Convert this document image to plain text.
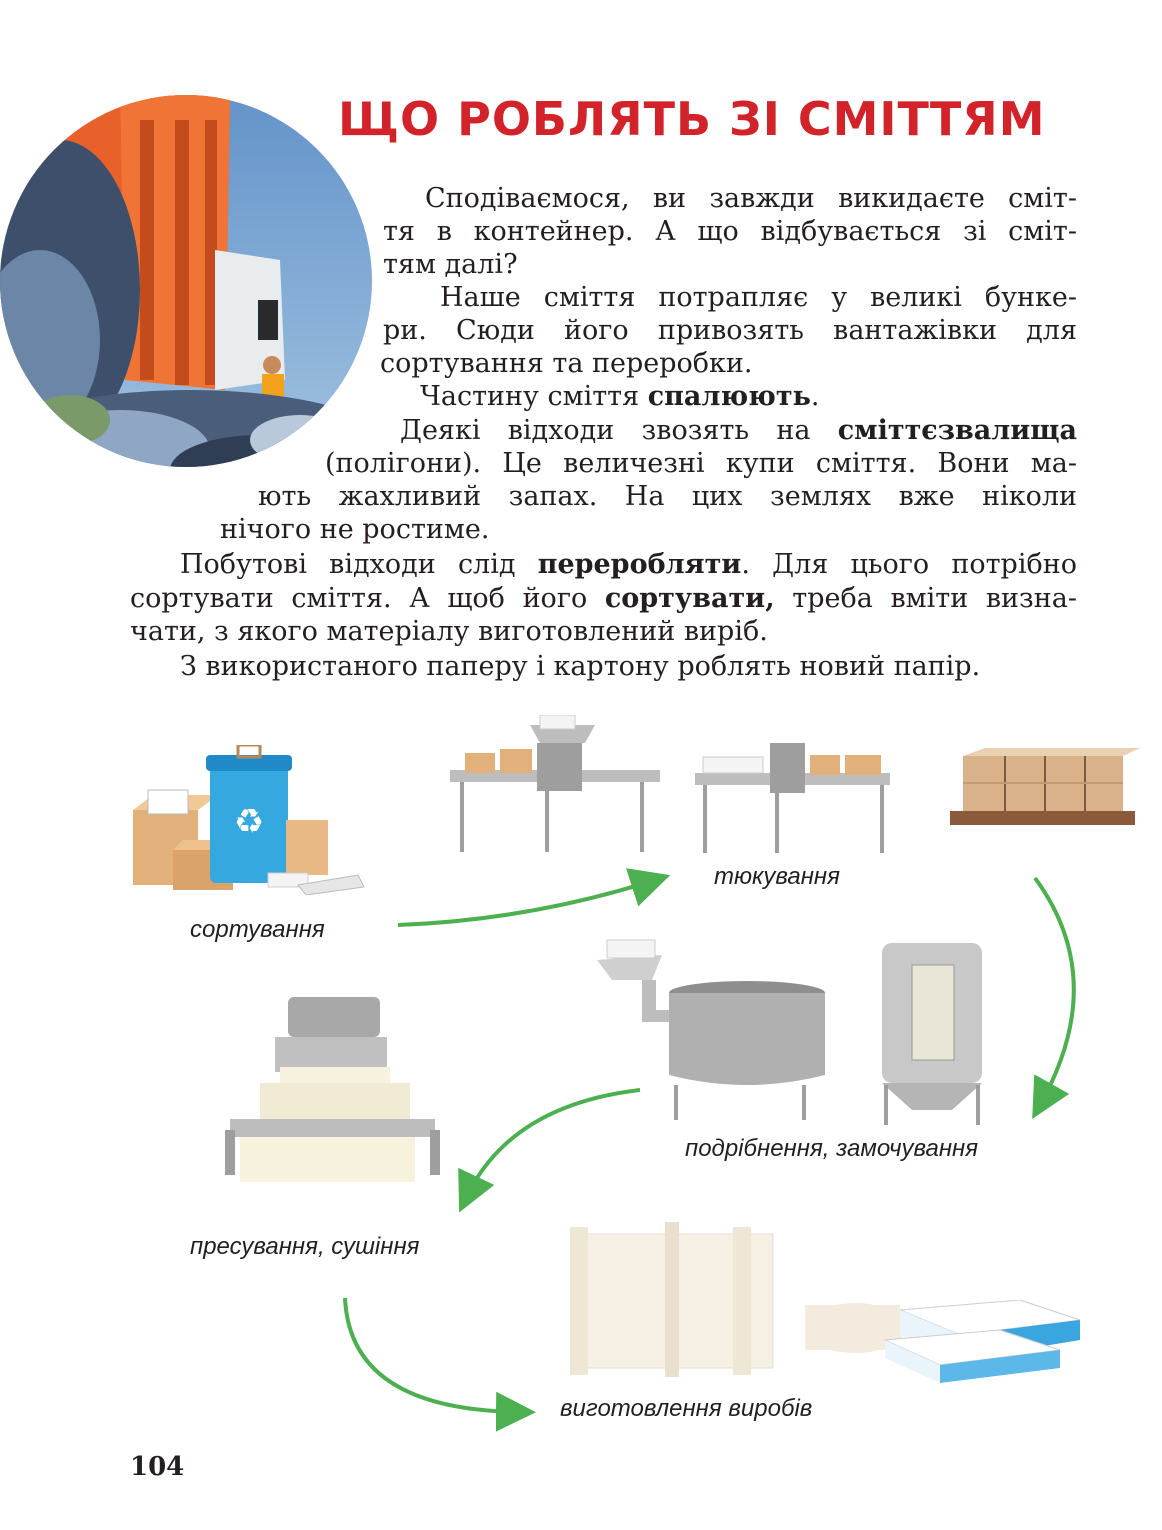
ЩО РОБЛЯТЬ ЗІ СМІТТЯМ
Сподіваємося, ви завжди викидаєте сміт-
тя в контейнер. А що відбувається зі сміт-
тям далі?
Наше сміття потрапляє у великі бунке-
ри. Сюди його привозять вантажівки для
сортування та переробки.
Частину сміття спалюють.
Деякі відходи звозять на сміттєзвалища
(полігони). Це величезні купи сміття. Вони ма-
ють жахливий запах. На цих землях вже ніколи
нічого не ростиме.
Побутові відходи слід переробляти. Для цього потрібно
сортувати сміття. А щоб його сортувати, треба вміти визна-
чати, з якого матеріалу виготовлений виріб.
З використаного паперу і картону роблять новий папір.
♻
сортування
тюкування
подрібнення, замочування
пресування, сушіння
виготовлення виробів
104
